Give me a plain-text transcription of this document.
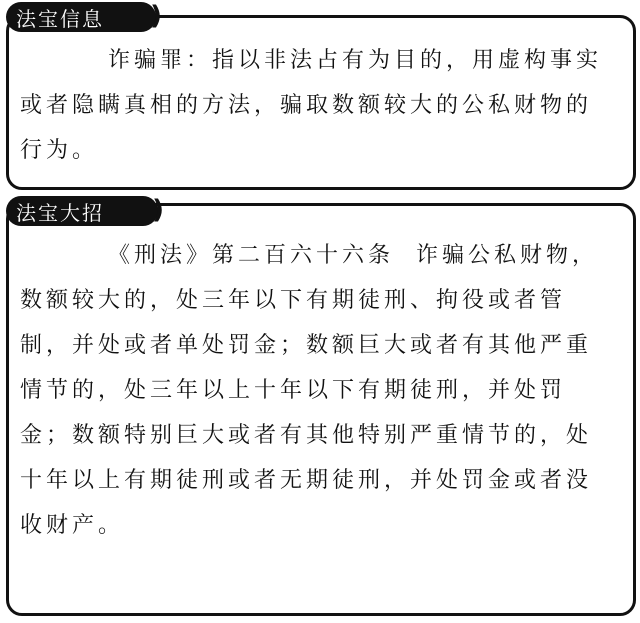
法宝信息 )
诈骗罪：指以非法占有为目的，用虚构事实或者隐瞒真相的方法，骗取数额较大的公私财物的行为。
法宝大招 )
《刑法》第二百六十六条  诈骗公私财物，数额较大的，处三年以下有期徒刑、拘役或者管制，并处或者单处罚金；数额巨大或者有其他严重情节的，处三年以上十年以下有期徒刑，并处罚金；数额特别巨大或者有其他特别严重情节的，处十年以上有期徒刑或者无期徒刑，并处罚金或者没收财产。
